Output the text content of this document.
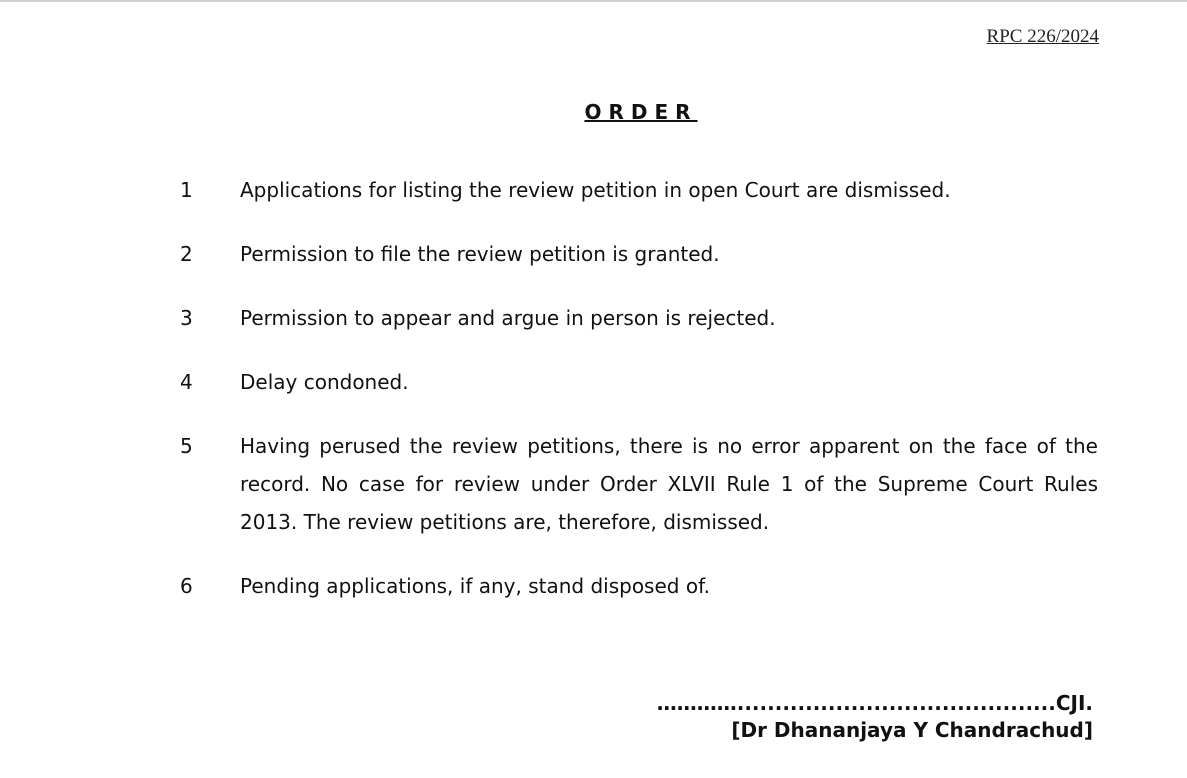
RPC 226/2024
ORDER
1	Applications for listing the review petition in open Court are dismissed.
2	Permission to file the review petition is granted.
3	Permission to appear and argue in person is rejected.
4	Delay condoned.
5	Having perused the review petitions, there is no error apparent on the face of the record. No case for review under Order XLVII Rule 1 of the Supreme Court Rules 2013. The review petitions are, therefore, dismissed.
6	Pending applications, if any, stand disposed of.
…………..........................................CJI.
[Dr Dhananjaya Y Chandrachud]
